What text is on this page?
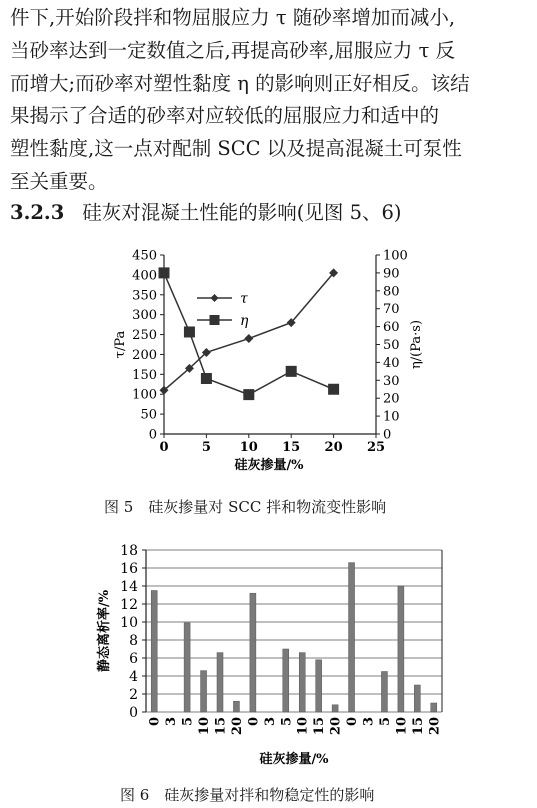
件下,开始阶段拌和物屈服应力 τ 随砂率增加而减小,
当砂率达到一定数值之后,再提高砂率,屈服应力 τ 反
而增大;而砂率对塑性黏度 η 的影响则正好相反。该结
果揭示了合适的砂率对应较低的屈服应力和适中的
塑性黏度,这一点对配制 SCC 以及提高混凝土可泵性
至关重要。
3.2.3 硅灰对混凝土性能的影响(见图 5、6)
0	5 10 15 20 25
0
50
100
150
200
250
300
350
400
450
0
10
20
30
40
50
60
70
80
90
100
硅灰掺量/%
τ/Pa	η/(Pa·s)
τ
η
图 5　硅灰掺量对 SCC 拌和物流变性影响
0
2
4
6
8
10
12
14
16
18
0 3 5 10 15 20 0 3 5 10 15 20 0 3 5 10 15 20
硅灰掺量/%
静态离析率/%
图 6　硅灰掺量对拌和物稳定性的影响
